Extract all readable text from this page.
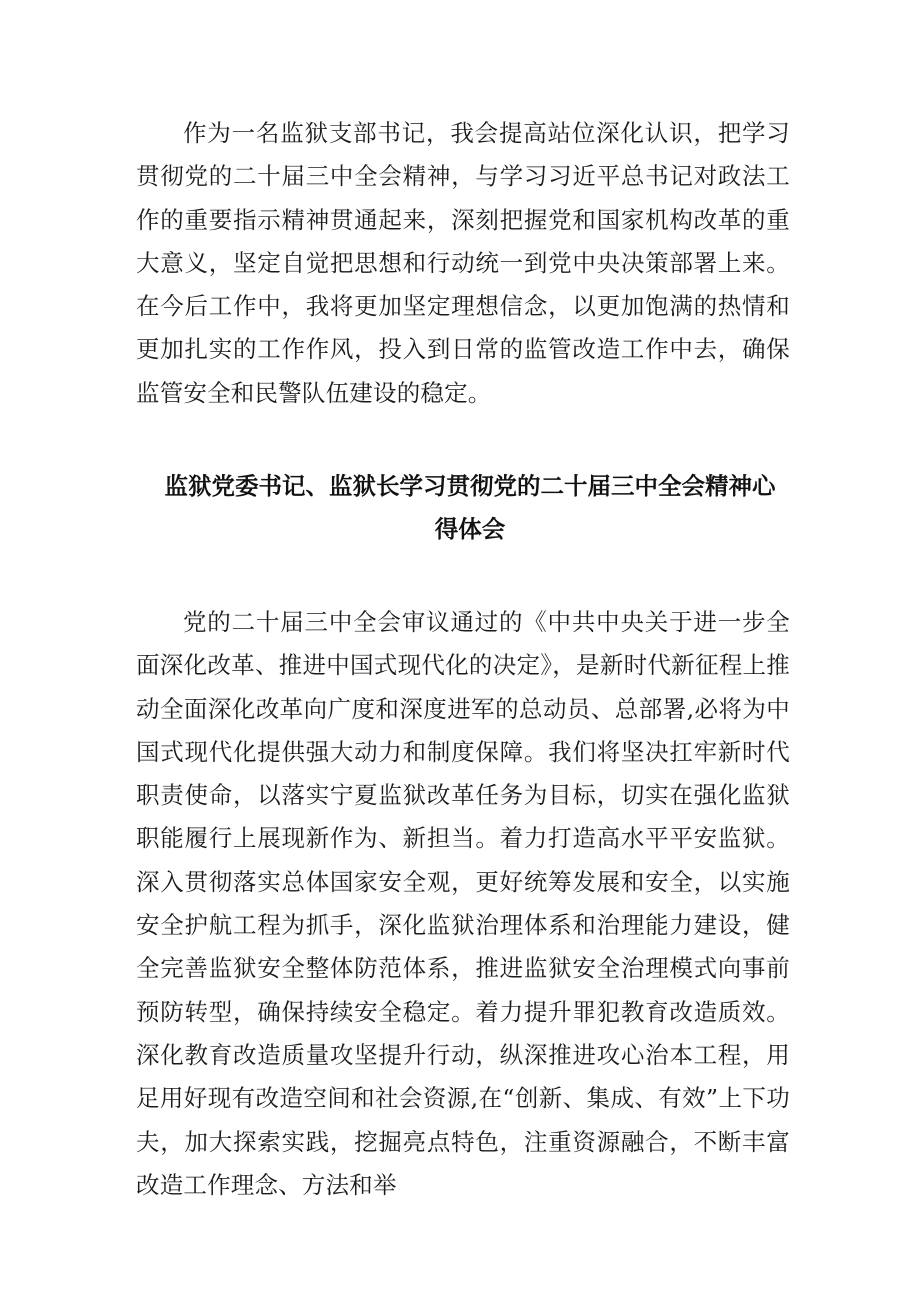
作为一名监狱支部书记，我会提高站位深化认识，把学习贯彻党的二十届三中全会精神，与学习习近平总书记对政法工作的重要指示精神贯通起来，深刻把握党和国家机构改革的重大意义，坚定自觉把思想和行动统一到党中央决策部署上来。在今后工作中，我将更加坚定理想信念，以更加饱满的热情和更加扎实的工作作风，投入到日常的监管改造工作中去，确保监管安全和民警队伍建设的稳定。

监狱党委书记、监狱长学习贯彻党的二十届三中全会精神心
得体会

党的二十届三中全会审议通过的《中共中央关于进一步全面深化改革、推进中国式现代化的决定》，是新时代新征程上推动全面深化改革向广度和深度进军的总动员、总部署,必将为中国式现代化提供强大动力和制度保障。我们将坚决扛牢新时代职责使命，以落实宁夏监狱改革任务为目标，切实在强化监狱职能履行上展现新作为、新担当。着力打造高水平平安监狱。深入贯彻落实总体国家安全观，更好统筹发展和安全，以实施安全护航工程为抓手，深化监狱治理体系和治理能力建设，健全完善监狱安全整体防范体系，推进监狱安全治理模式向事前预防转型，确保持续安全稳定。着力提升罪犯教育改造质效。深化教育改造质量攻坚提升行动，纵深推进攻心治本工程，用足用好现有改造空间和社会资源,在“创新、集成、有效”上下功夫，加大探索实践，挖掘亮点特色，注重资源融合，不断丰富改造工作理念、方法和举
